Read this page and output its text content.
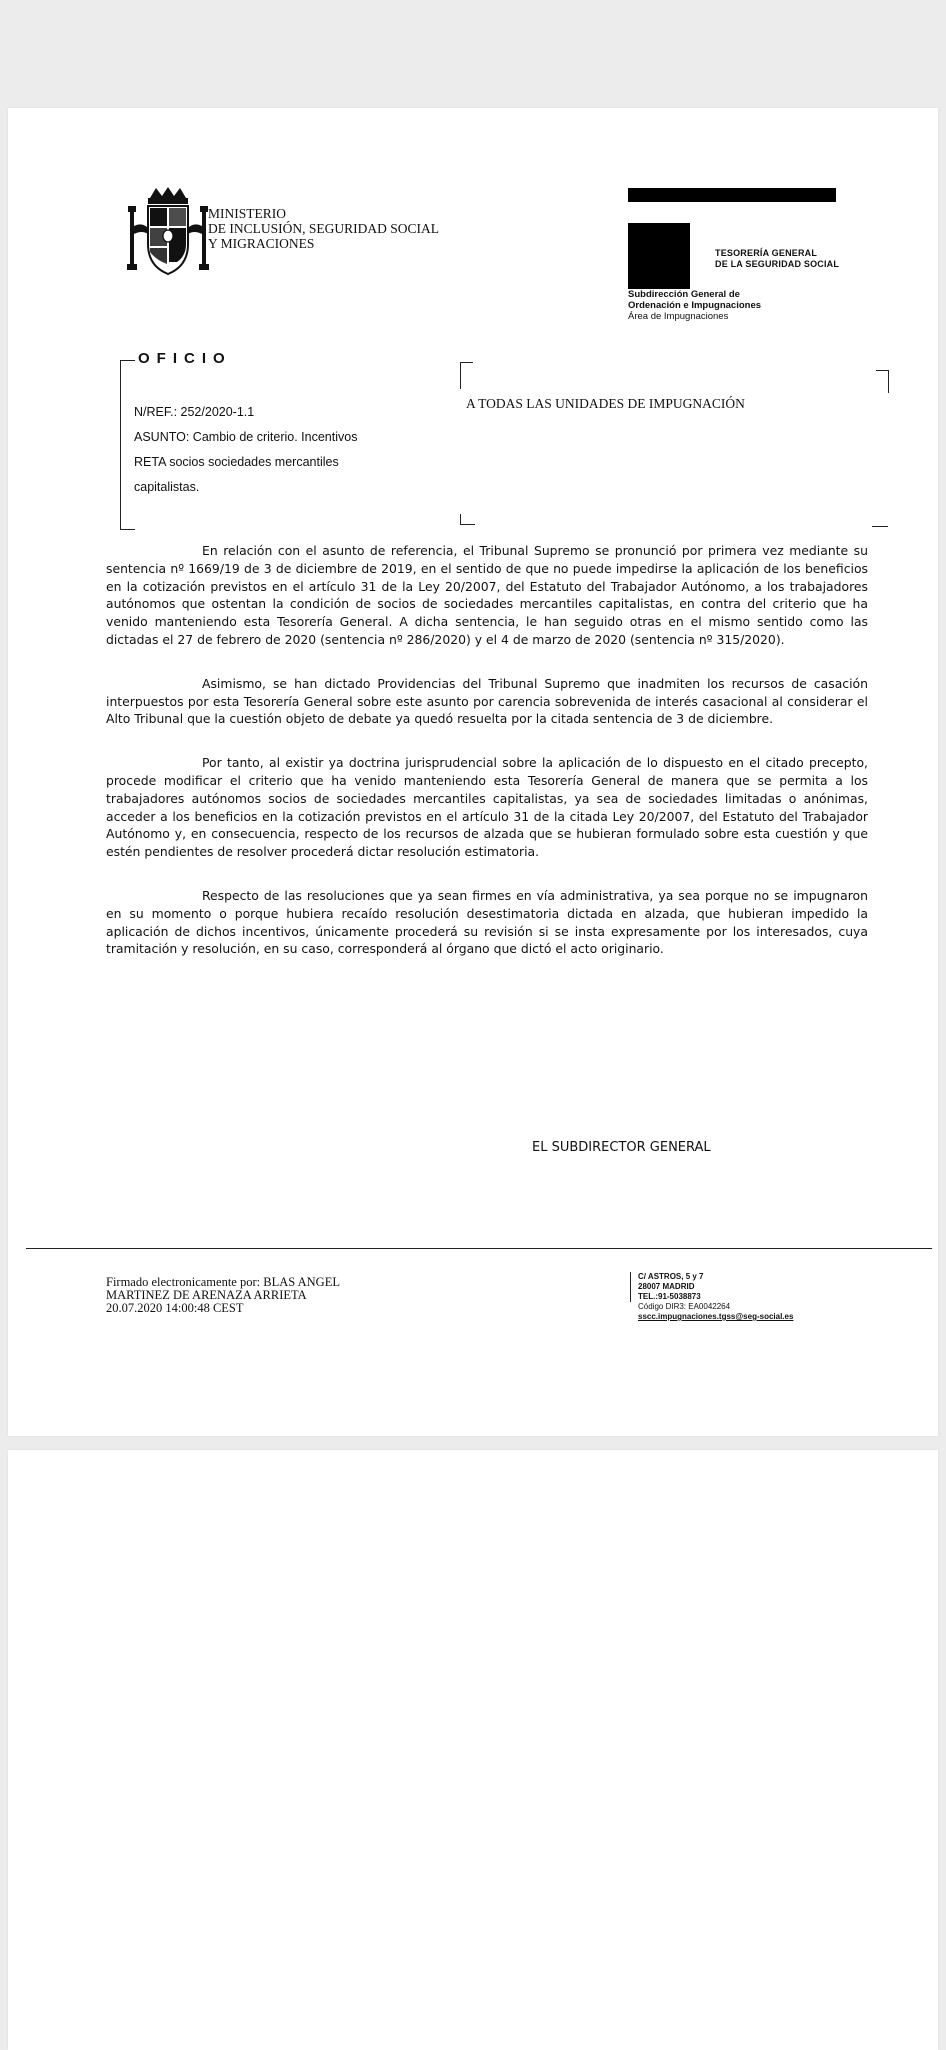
MINISTERIO
DE INCLUSIÓN, SEGURIDAD SOCIAL
Y MIGRACIONES
TESORERÍA GENERAL
DE LA SEGURIDAD SOCIAL
Subdirección General de
Ordenación e Impugnaciones
Área de Impugnaciones
OFICIO
N/REF.: 252/2020-1.1
ASUNTO: Cambio de criterio. Incentivos
RETA socios sociedades mercantiles
capitalistas.
A TODAS LAS UNIDADES DE IMPUGNACIÓN

En relación con el asunto de referencia, el Tribunal Supremo se pronunció por primera vez mediante su sentencia nº 1669/19 de 3 de diciembre de 2019, en el sentido de que no puede impedirse la aplicación de los beneficios en la cotización previstos en el artículo 31 de la Ley 20/2007, del Estatuto del Trabajador Autónomo, a los trabajadores autónomos que ostentan la condición de socios de sociedades mercantiles capitalistas, en contra del criterio que ha venido manteniendo esta Tesorería General. A dicha sentencia, le han seguido otras en el mismo sentido como las dictadas el 27 de febrero de 2020 (sentencia nº 286/2020) y el 4 de marzo de 2020 (sentencia nº 315/2020).

Asimismo, se han dictado Providencias del Tribunal Supremo que inadmiten los recursos de casación interpuestos por esta Tesorería General sobre este asunto por carencia sobrevenida de interés casacional al considerar el Alto Tribunal que la cuestión objeto de debate ya quedó resuelta por la citada sentencia de 3 de diciembre.

Por tanto, al existir ya doctrina jurisprudencial sobre la aplicación de lo dispuesto en el citado precepto, procede modificar el criterio que ha venido manteniendo esta Tesorería General de manera que se permita a los trabajadores autónomos socios de sociedades mercantiles capitalistas, ya sea de sociedades limitadas o anónimas, acceder a los beneficios en la cotización previstos en el artículo 31 de la citada Ley 20/2007, del Estatuto del Trabajador Autónomo y, en consecuencia, respecto de los recursos de alzada que se hubieran formulado sobre esta cuestión y que estén pendientes de resolver procederá dictar resolución estimatoria.

Respecto de las resoluciones que ya sean firmes en vía administrativa, ya sea porque no se impugnaron en su momento o porque hubiera recaído resolución desestimatoria dictada en alzada, que hubieran impedido la aplicación de dichos incentivos, únicamente procederá su revisión si se insta expresamente por los interesados, cuya tramitación y resolución, en su caso, corresponderá al órgano que dictó el acto originario.

EL SUBDIRECTOR GENERAL
Firmado electronicamente por: BLAS ANGEL
MARTINEZ DE ARENAZA ARRIETA
20.07.2020 14:00:48 CEST
C/ ASTROS, 5 y 7
28007 MADRID
TEL.:91-5038873
Código DIR3: EA0042264
sscc.impugnaciones.tgss@seg-social.es
